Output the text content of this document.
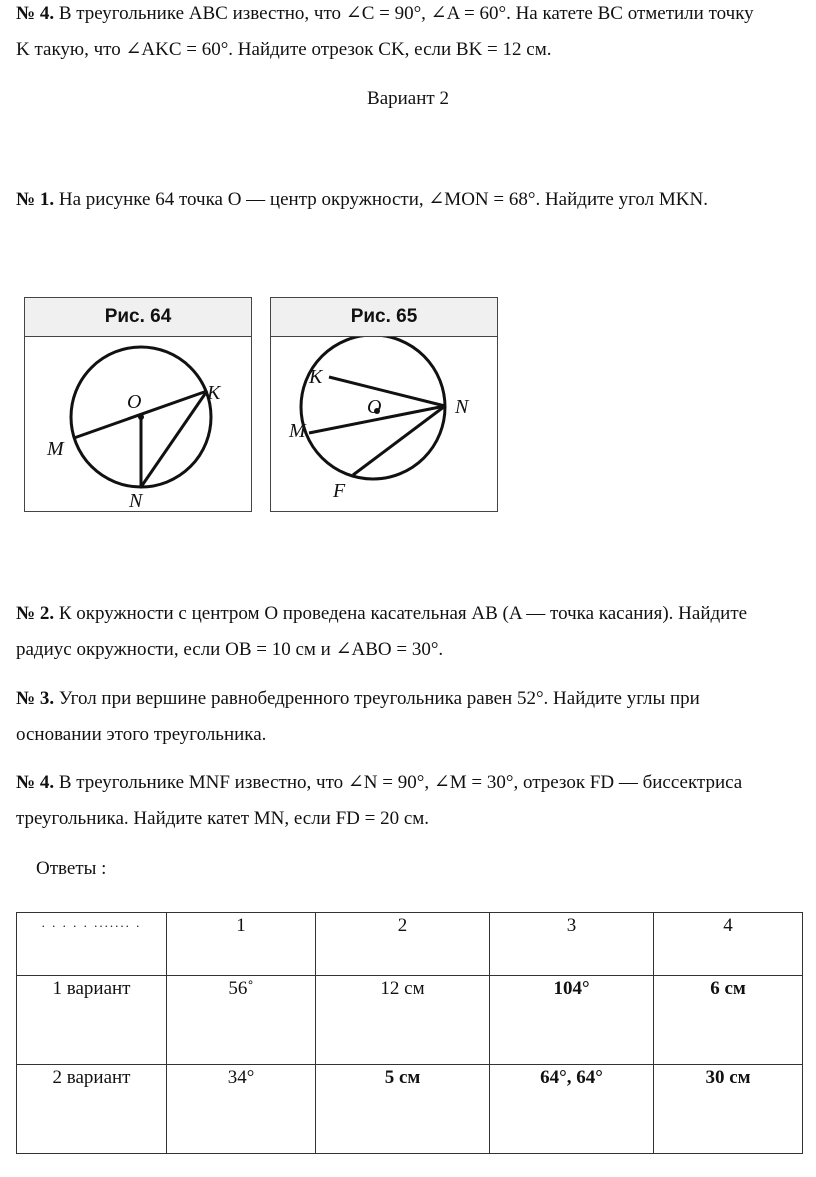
№ 4. В треугольнике ABC известно, что ∠C = 90°, ∠A = 60°. На катете BC отметили точку
K такую, что ∠AKC = 60°. Найдите отрезок CK, если BK = 12 см.

Вариант 2

№ 1. На рисунке 64 точка O — центр окружности, ∠MON = 68°. Найдите угол MKN.

Рис. 64
O	K
M
N
Рис. 65
K
O	N
M
F

№ 2. К окружности с центром O проведена касательная AB (A — точка касания). Найдите
радиус окружности, если OB = 10 см и ∠ABO = 30°.

№ 3. Угол при вершине равнобедренного треугольника равен 52°. Найдите углы при
основании этого треугольника.

№ 4. В треугольнике MNF известно, что ∠N = 90°, ∠M = 30°, отрезок FD — биссектриса
треугольника. Найдите катет MN, если FD = 20 см.

Ответы :
. . . . . ....... .	1	2	3	4
1 вариант	56˚	12 см	104°	6 см
2 вариант	34°	5 см	64°, 64°	30 см
